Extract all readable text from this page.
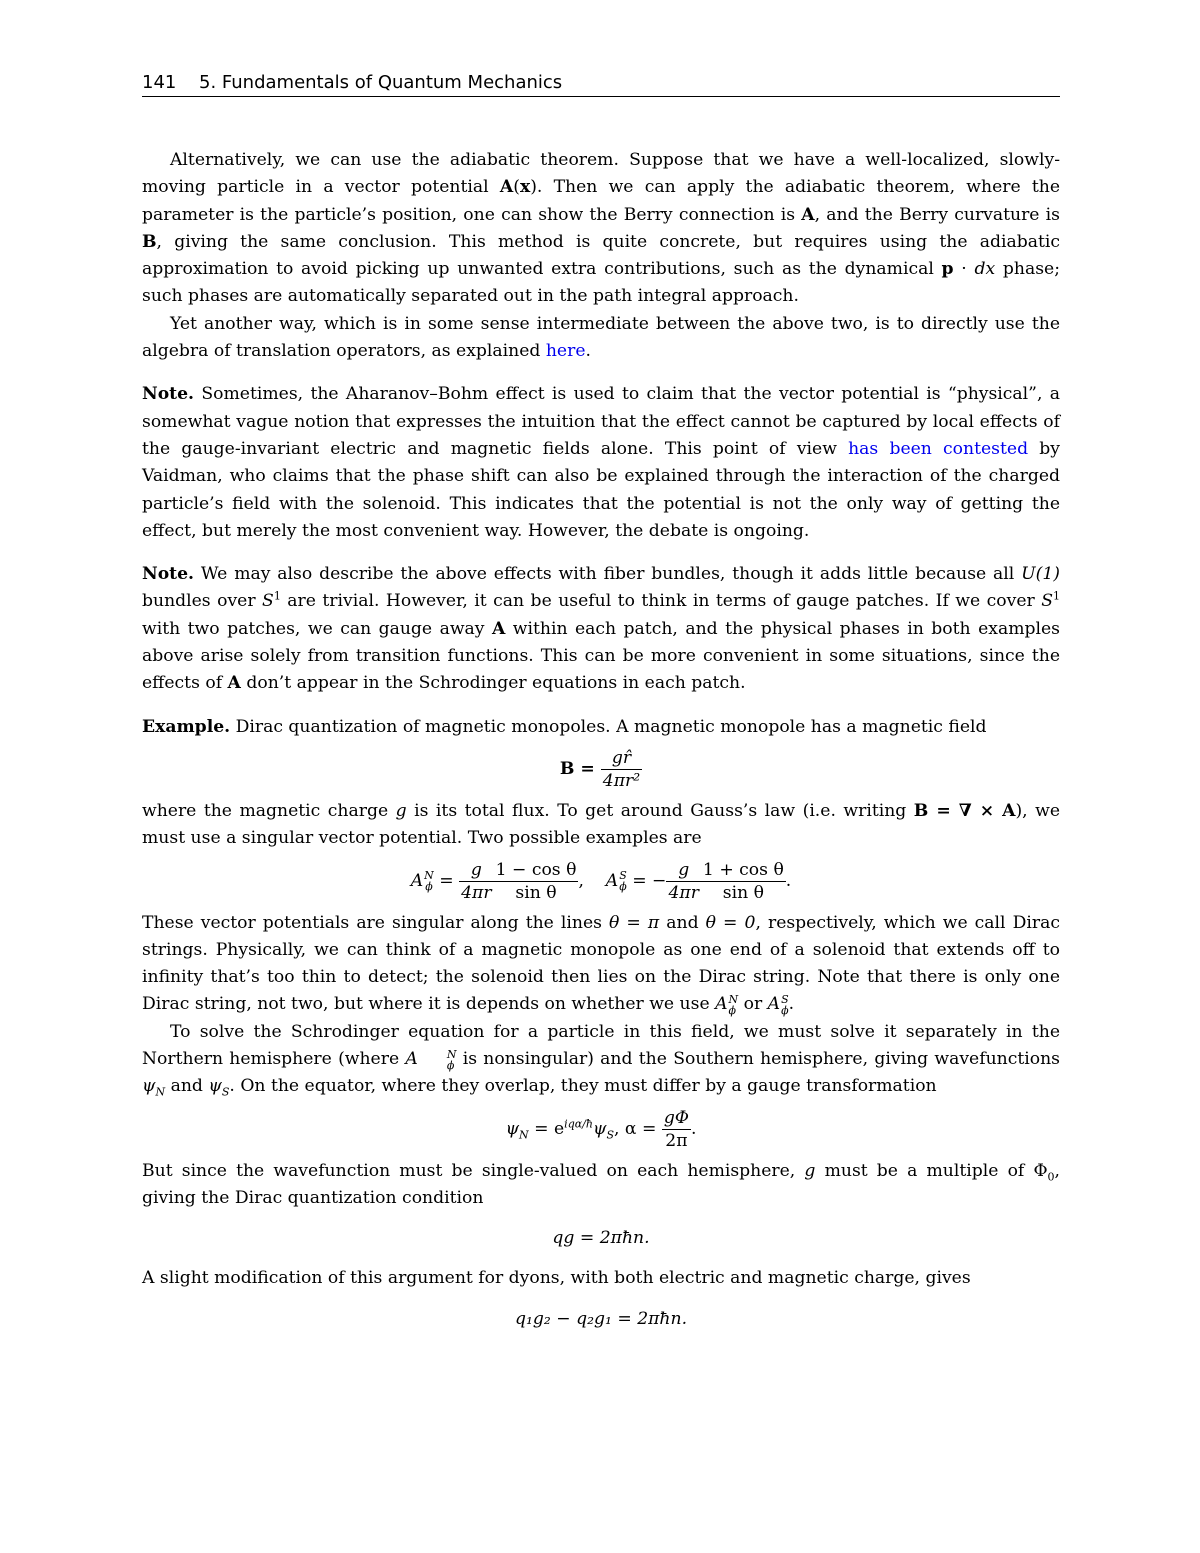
141 5. Fundamentals of Quantum Mechanics

Alternatively, we can use the adiabatic theorem. Suppose that we have a well-localized, slowly-moving particle in a vector potential A(x). Then we can apply the adiabatic theorem, where the parameter is the particle’s position, one can show the Berry connection is A, and the Berry curvature is B, giving the same conclusion. This method is quite concrete, but requires using the adiabatic approximation to avoid picking up unwanted extra contributions, such as the dynamical p · dx phase; such phases are automatically separated out in the path integral approach.

Yet another way, which is in some sense intermediate between the above two, is to directly use the algebra of translation operators, as explained here.

Note. Sometimes, the Aharanov–Bohm effect is used to claim that the vector potential is “physical”, a somewhat vague notion that expresses the intuition that the effect cannot be captured by local effects of the gauge-invariant electric and magnetic fields alone. This point of view has been contested by Vaidman, who claims that the phase shift can also be explained through the interaction of the charged particle’s field with the solenoid. This indicates that the potential is not the only way of getting the effect, but merely the most convenient way. However, the debate is ongoing.

Note. We may also describe the above effects with fiber bundles, though it adds little because all U(1) bundles over $S^1$ are trivial. However, it can be useful to think in terms of gauge patches. If we cover $S^1$ with two patches, we can gauge away A within each patch, and the physical phases in both examples above arise solely from transition functions. This can be more convenient in some situations, since the effects of A don’t appear in the Schrodinger equations in each patch.

Example. Dirac quantization of magnetic monopoles. A magnetic monopole has a magnetic field

$B = \frac{gr̂}{\text{4πr²}}$

where the magnetic charge g is its total flux. To get around Gauss’s law (i.e. writing B = ∇ × A), we must use a singular vector potential. Two possible examples are

A N
$\phi = \frac{g}{4\pi r} \frac{\text{1 − cos θ}}{\text{sin θ}}$ , A S
ϕ = − $\frac{g}{4\pi r} \frac{\text{1 + cos θ}}{\text{sin θ}}$ .

These vector potentials are singular along the lines θ = π and θ = 0, respectively, which we call Dirac strings. Physically, we can think of a magnetic monopole as one end of a solenoid that extends off to infinity that’s too thin to detect; the solenoid then lies on the Dirac string. Note that there is only one Dirac string, not two, but where it is depends on whether we use A N
ϕ or A S
ϕ .

To solve the Schrodinger equation for a particle in this field, we must solve it separately in the Northern hemisphere (where A	N
ϕ is nonsingular) and the Southern hemisphere, giving wavefunctions $\psi_N$ and $\psi_S$. On the equator, where they overlap, they must differ by a gauge transformation

$\psi_N = e^{iq\alpha/ħ}\psi_S$, $\alpha = \frac{g\Phi}{2\pi}$ .

But since the wavefunction must be single-valued on each hemisphere, g must be a multiple of $\Phi_0$, giving the Dirac quantization condition

qg = 2πħn.

A slight modification of this argument for dyons, with both electric and magnetic charge, gives

q₁g₂ − q₂g₁ = 2πħn.
